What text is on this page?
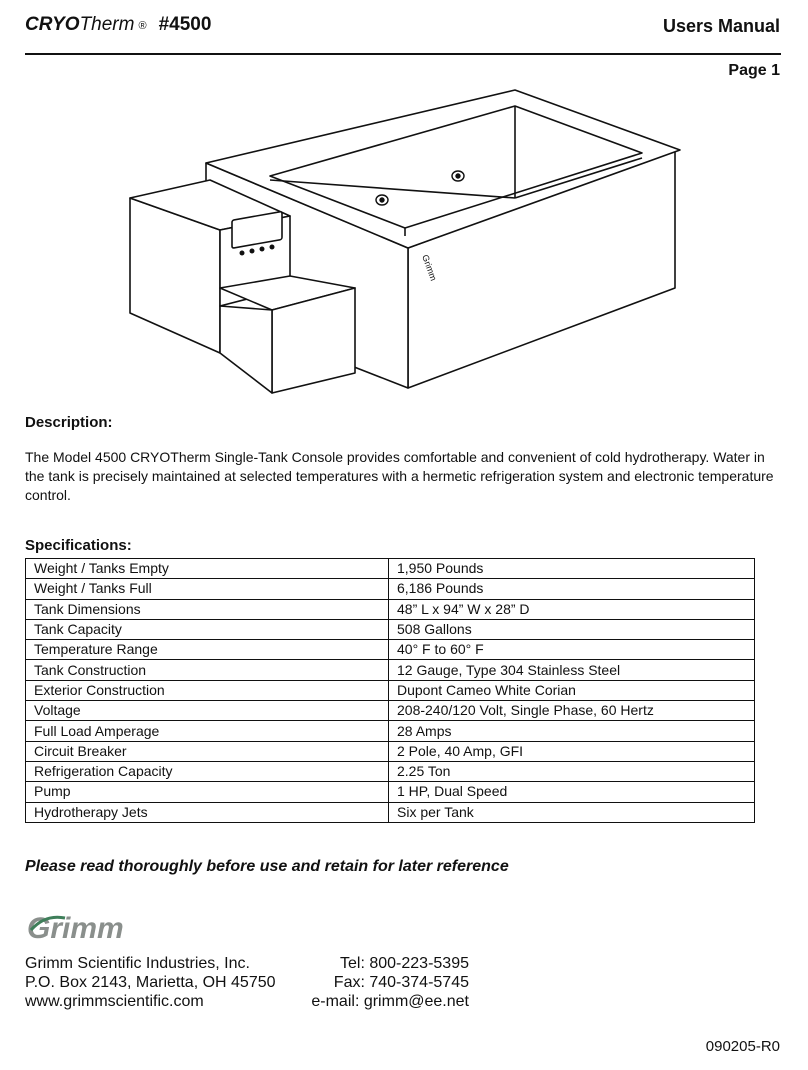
CRYOTherm ® #4500	Users Manual
Page 1
Grimm
Description:
The Model 4500 CRYOTherm Single-Tank Console provides comfortable and convenient of cold hydrotherapy. Water in the tank is precisely maintained at selected temperatures with a hermetic refrigeration system and electronic temperature control.
Specifications:
Weight / Tanks Empty	1,950 Pounds
Weight / Tanks Full	6,186 Pounds
Tank Dimensions	48” L x 94” W x 28” D
Tank Capacity	508 Gallons
Temperature Range	40° F to 60° F
Tank Construction	12 Gauge, Type 304 Stainless Steel
Exterior Construction	Dupont Cameo White Corian
Voltage	208-240/120 Volt, Single Phase, 60 Hertz
Full Load Amperage	28 Amps
Circuit Breaker	2 Pole, 40 Amp, GFI
Refrigeration Capacity	2.25 Ton
Pump	1 HP, Dual Speed
Hydrotherapy Jets	Six per Tank
Please read thoroughly before use and retain for later reference
Grimm
Grimm Scientific Industries, Inc.
P.O. Box 2143, Marietta, OH 45750
www.grimmscientific.com
Tel: 800-223-5395
Fax: 740-374-5745
e-mail: grimm@ee.net
090205-R0
